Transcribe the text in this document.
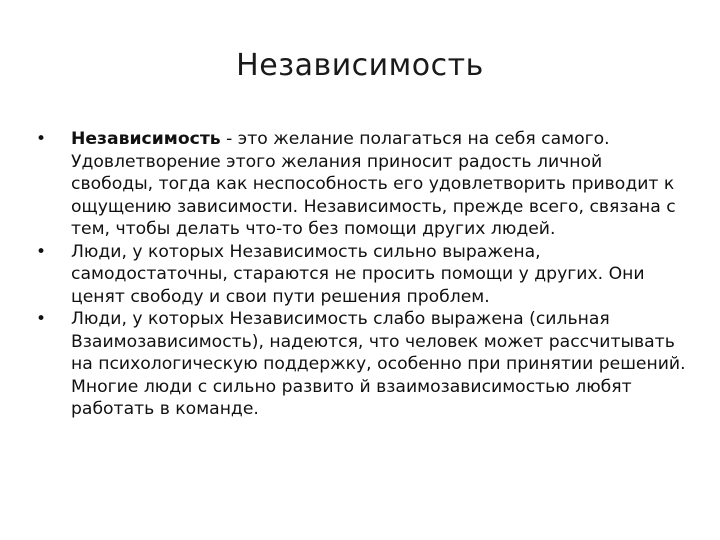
Независимость
•	Независимость - это желание полагаться на себя самого. Удовлетворение этого желания приносит радость личной свободы, тогда как неспособность его удовлетворить приводит к ощущению зависимости. Независимость, прежде всего, связана с тем, чтобы делать что-то без помощи других людей.
•	Люди, у которых Независимость сильно выражена, самодостаточны, стараются не просить помощи у других. Они ценят свободу и свои пути решения проблем.
•	Люди, у которых Независимость слабо выражена (сильная Взаимозависимость), надеются, что человек может рассчитывать на психологическую поддержку, особенно при принятии решений. Многие люди с сильно развито й взаимозависимостью любят работать в команде.
